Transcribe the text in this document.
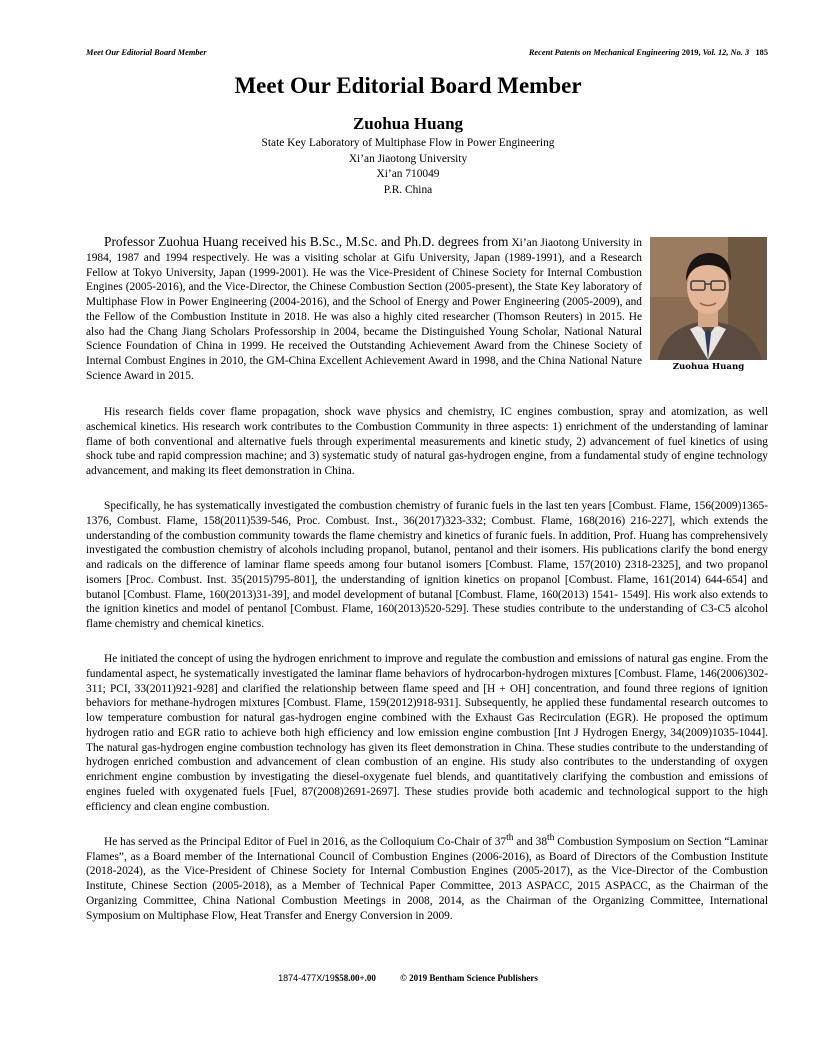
Meet Our Editorial Board Member	Recent Patents on Mechanical Engineering 2019, Vol. 12, No. 3 185
Meet Our Editorial Board Member
Zuohua Huang
State Key Laboratory of Multiphase Flow in Power Engineering
Xi’an Jiaotong University
Xi’an 710049
P.R. China
Zuohua Huang

Professor Zuohua Huang received his B.Sc., M.Sc. and Ph.D. degrees from Xi’an Jiaotong University in 1984, 1987 and 1994 respectively. He was a visiting scholar at Gifu University, Japan (1989-1991), and a Research Fellow at Tokyo University, Japan (1999-2001). He was the Vice-President of Chinese Society for Internal Combustion Engines (2005-2016), and the Vice-Director, the Chinese Combustion Section (2005-present), the State Key laboratory of Multiphase Flow in Power Engineering (2004-2016), and the School of Energy and Power Engineering (2005-2009), and the Fellow of the Combustion Institute in 2018. He was also a highly cited researcher (Thomson Reuters) in 2015. He also had the Chang Jiang Scholars Professorship in 2004, became the Distinguished Young Scholar, National Natural Science Foundation of China in 1999. He received the Outstanding Achievement Award from the Chinese Society of Internal Combust Engines in 2010, the GM-China Excellent Achievement Award in 1998, and the China National Nature Science Award in 2015.

His research fields cover flame propagation, shock wave physics and chemistry, IC engines combustion, spray and atomization, as well aschemical kinetics. His research work contributes to the Combustion Community in three aspects: 1) enrichment of the understanding of laminar flame of both conventional and alternative fuels through experimental measurements and kinetic study, 2) advancement of fuel kinetics of using shock tube and rapid compression machine; and 3) systematic study of natural gas-hydrogen engine, from a fundamental study of engine technology advancement, and making its fleet demonstration in China.

Specifically, he has systematically investigated the combustion chemistry of furanic fuels in the last ten years [Combust. Flame, 156(2009)1365-1376, Combust. Flame, 158(2011)539-546, Proc. Combust. Inst., 36(2017)323-332; Combust. Flame, 168(2016) 216-227], which extends the understanding of the combustion community towards the flame chemistry and kinetics of furanic fuels. In addition, Prof. Huang has comprehensively investigated the combustion chemistry of alcohols including propanol, butanol, pentanol and their isomers. His publications clarify the bond energy and radicals on the difference of laminar flame speeds among four butanol isomers [Combust. Flame, 157(2010) 2318-2325], and two propanol isomers [Proc. Combust. Inst. 35(2015)795-801], the understanding of ignition kinetics on propanol [Combust. Flame, 161(2014) 644-654] and butanol [Combust. Flame, 160(2013)31-39], and model development of butanal [Combust. Flame, 160(2013) 1541- 1549]. His work also extends to the ignition kinetics and model of pentanol [Combust. Flame, 160(2013)520-529]. These studies contribute to the understanding of C3-C5 alcohol flame chemistry and chemical kinetics.

He initiated the concept of using the hydrogen enrichment to improve and regulate the combustion and emissions of natural gas engine. From the fundamental aspect, he systematically investigated the laminar flame behaviors of hydrocarbon-hydrogen mixtures [Combust. Flame, 146(2006)302-311; PCI, 33(2011)921-928] and clarified the relationship between flame speed and [H + OH] concentration, and found three regions of ignition behaviors for methane-hydrogen mixtures [Combust. Flame, 159(2012)918-931]. Subsequently, he applied these fundamental research outcomes to low temperature combustion for natural gas-hydrogen engine combined with the Exhaust Gas Recirculation (EGR). He proposed the optimum hydrogen ratio and EGR ratio to achieve both high efficiency and low emission engine combustion [Int J Hydrogen Energy, 34(2009)1035-1044]. The natural gas-hydrogen engine combustion technology has given its fleet demonstration in China. These studies contribute to the understanding of hydrogen enriched combustion and advancement of clean combustion of an engine. His study also contributes to the understanding of oxygen enrichment engine combustion by investigating the diesel-oxygenate fuel blends, and quantitatively clarifying the combustion and emissions of engines fueled with oxygenated fuels [Fuel, 87(2008)2691-2697]. These studies provide both academic and technological support to the high efficiency and clean engine combustion.

He has served as the Principal Editor of Fuel in 2016, as the Colloquium Co-Chair of 37th and 38th Combustion Symposium on Section “Laminar Flames”, as a Board member of the International Council of Combustion Engines (2006-2016), as Board of Directors of the Combustion Institute (2018-2024), as the Vice-President of Chinese Society for Internal Combustion Engines (2005-2017), as the Vice-Director of the Combustion Institute, Chinese Section (2005-2018), as a Member of Technical Paper Committee, 2013 ASPACC, 2015 ASPACC, as the Chairman of the Organizing Committee, China National Combustion Meetings in 2008, 2014, as the Chairman of the Organizing Committee, International Symposium on Multiphase Flow, Heat Transfer and Energy Conversion in 2009.

1874-477X/19$58.00+.00	© 2019 Bentham Science Publishers
